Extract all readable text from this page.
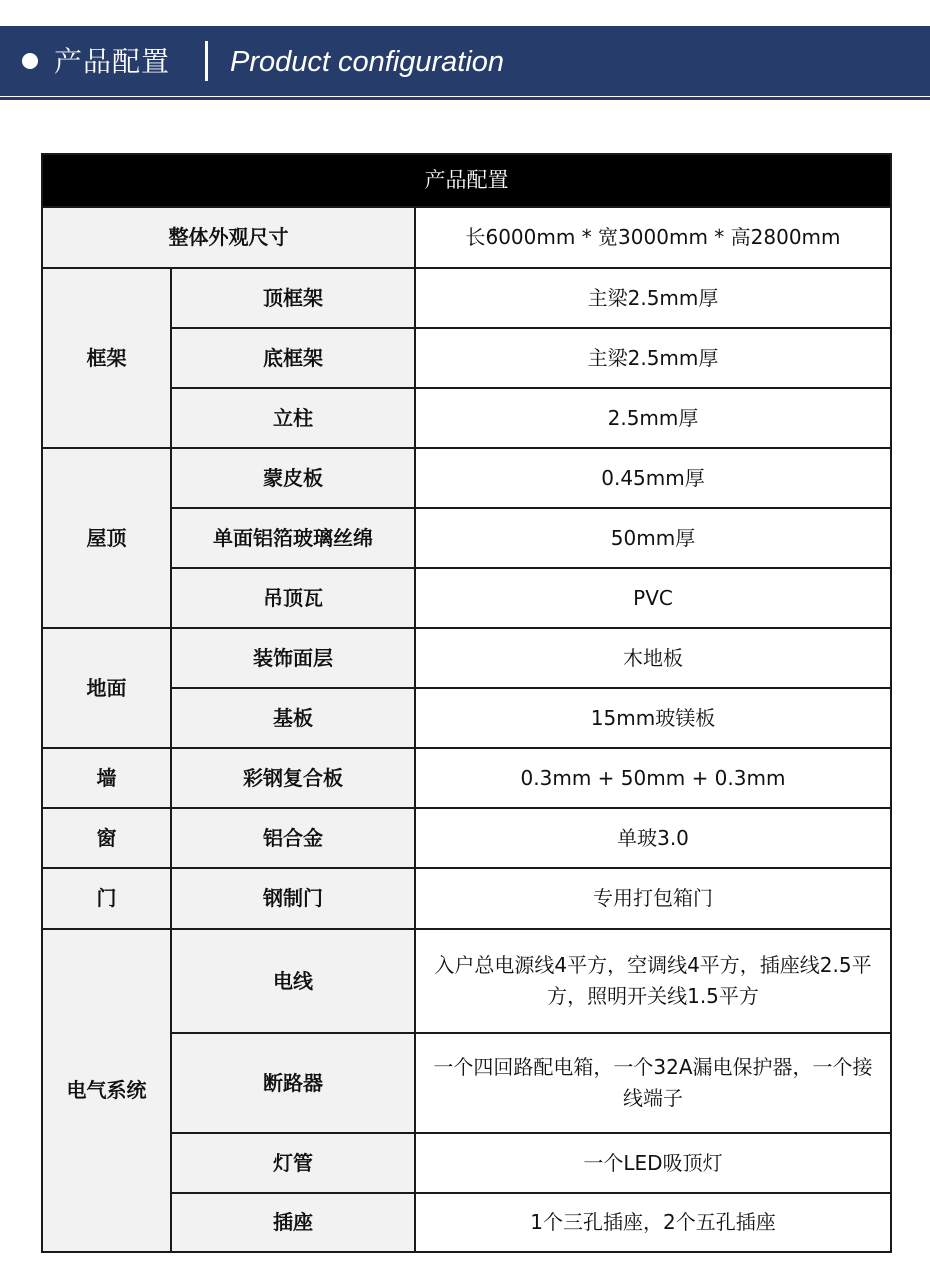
产品配置 Product configuration
产品配置		
整体外观尺寸		长6000mm * 宽3000mm * 高2800mm
框架	顶框架	主梁2.5mm厚
	底框架	主梁2.5mm厚
	立柱	2.5mm厚
屋顶	蒙皮板	0.45mm厚
	单面铝箔玻璃丝绵	50mm厚
	吊顶瓦	PVC
地面	装饰面层	木地板
	基板	15mm玻镁板
墙	彩钢复合板	0.3mm + 50mm + 0.3mm
窗	铝合金	单玻3.0
门	钢制门	专用打包箱门
电气系统	电线	入户总电源线4平方，空调线4平方，插座线2.5平方，照明开关线1.5平方
	断路器	一个四回路配电箱，一个32A漏电保护器，一个接线端子
	灯管	一个LED吸顶灯
	插座	1个三孔插座，2个五孔插座
